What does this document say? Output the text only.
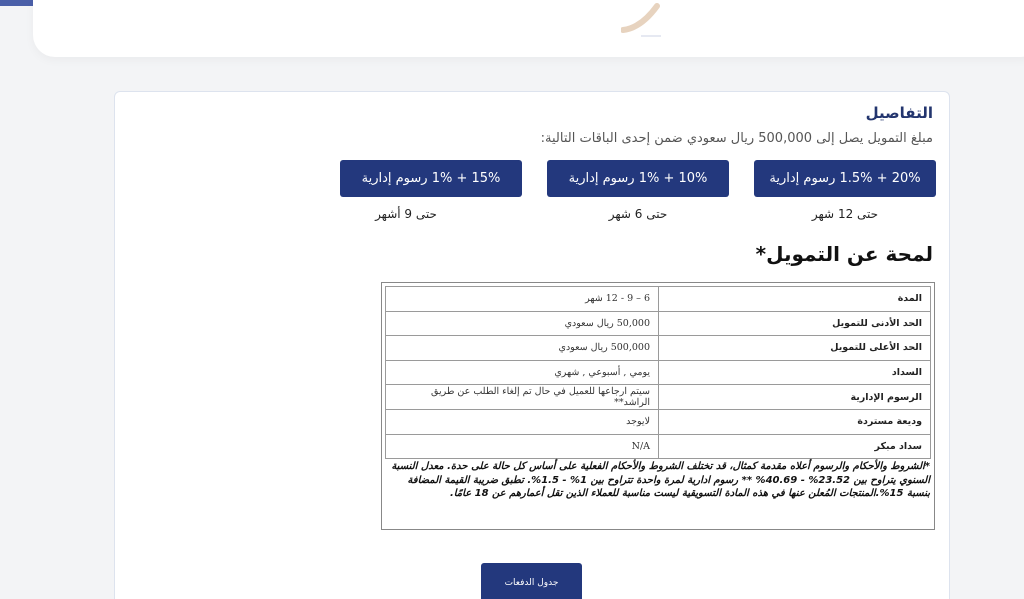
التفاصيل
مبلغ التمويل يصل إلى 500,000 ريال سعودي ضمن إحدى الباقات التالية:
20% + 1.5% رسوم إدارية
10% + 1% رسوم إدارية
15% + 1% رسوم إدارية
حتى 12 شهر
حتى 6 شهر
حتى 9 أشهر
لمحة عن التمويل*
المدة	6 – 9 - 12 شهر
الحد الأدنى للتمويل	50,000 ريال سعودي
الحد الأعلى للتمويل	500,000 ريال سعودي
السداد	يومي , أسبوعي , شهري
الرسوم الإدارية	سيتم ارجاعها للعميل في حال تم إلغاء الطلب عن طريق الراشد**
وديعة مستردة	لايوجد
سداد مبكر	N/A
*الشروط والأحكام والرسوم أعلاه مقدمة كمثال، قد تختلف الشروط والأحكام الفعلية على أساس كل حالة على حدة. معدل النسبة السنوي يتراوح بين 23.52% - 40.69% ** رسوم ادارية لمرة واحدة تتراوح بين 1% - 1.5%. تطبق ضريبة القيمة المضافة بنسبة 15%.المنتجات المُعلن عنها في هذه المادة التسويقية ليست مناسبة للعملاء الذين تقل أعمارهم عن 18 عامًا.
جدول الدفعات
